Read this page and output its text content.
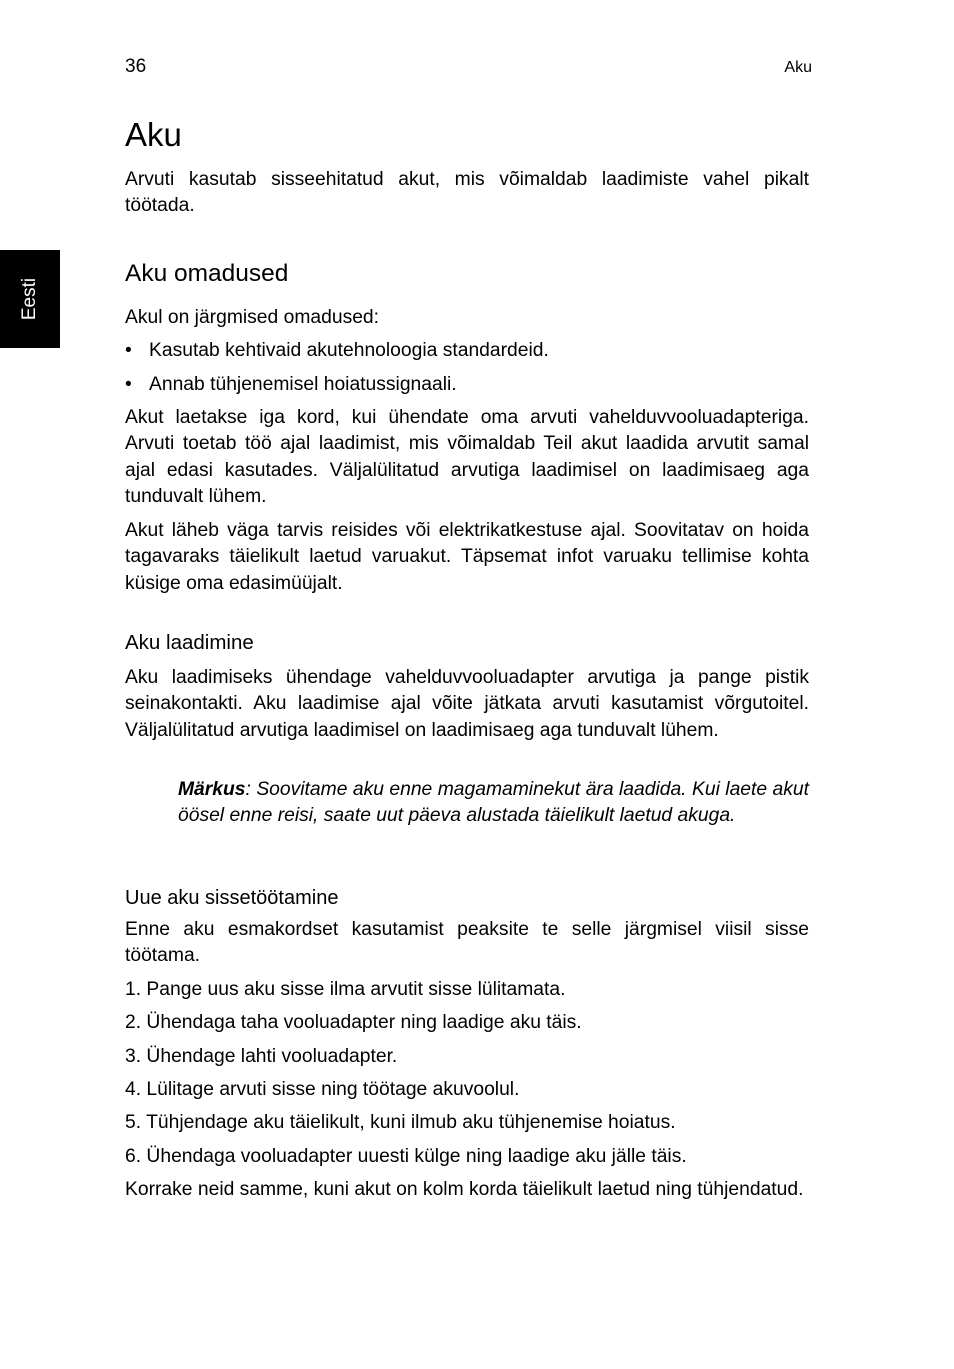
36	Aku
Eesti
Aku

Arvuti kasutab sisseehitatud akut, mis võimaldab laadimiste vahel pikalt töötada.

Aku omadused

Akul on järgmised omadused:

• Kasutab kehtivaid akutehnoloogia standardeid.
• Annab tühjenemisel hoiatussignaali.

Akut laetakse iga kord, kui ühendate oma arvuti vahelduvvooluadapteriga. Arvuti toetab töö ajal laadimist, mis võimaldab Teil akut laadida arvutit samal ajal edasi kasutades. Väljalülitatud arvutiga laadimisel on laadimisaeg aga tunduvalt lühem.

Akut läheb väga tarvis reisides või elektrikatkestuse ajal. Soovitatav on hoida tagavaraks täielikult laetud varuakut. Täpsemat infot varuaku tellimise kohta küsige oma edasimüüjalt.

Aku laadimine

Aku laadimiseks ühendage vahelduvvooluadapter arvutiga ja pange pistik seinakontakti. Aku laadimise ajal võite jätkata arvuti kasutamist võrgutoitel. Väljalülitatud arvutiga laadimisel on laadimisaeg aga tunduvalt lühem.

Märkus: Soovitame aku enne magamaminekut ära laadida. Kui laete akut öösel enne reisi, saate uut päeva alustada täielikult laetud akuga.

Uue aku sissetöötamine

Enne aku esmakordset kasutamist peaksite te selle järgmisel viisil sisse töötama.

1. Pange uus aku sisse ilma arvutit sisse lülitamata.
2. Ühendaga taha vooluadapter ning laadige aku täis.
3. Ühendage lahti vooluadapter.
4. Lülitage arvuti sisse ning töötage akuvoolul.
5. Tühjendage aku täielikult, kuni ilmub aku tühjenemise hoiatus.
6. Ühendaga vooluadapter uuesti külge ning laadige aku jälle täis.

Korrake neid samme, kuni akut on kolm korda täielikult laetud ning tühjendatud.
